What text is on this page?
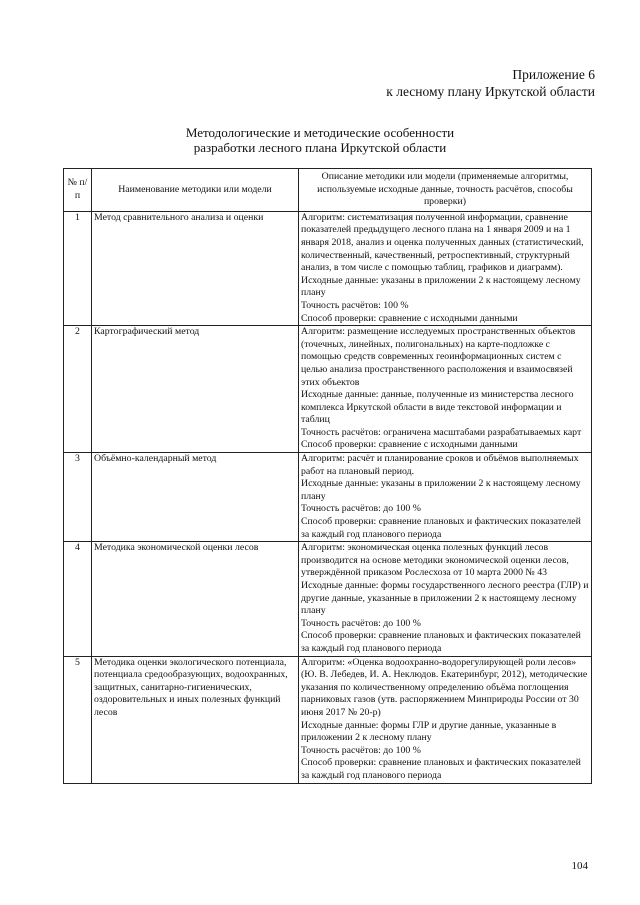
Приложение 6
к лесному плану Иркутской области
Методологические и методические особенности
разработки лесного плана Иркутской области
№ п/
п	Наименование методики или модели	Описание методики или модели (применяемые алгоритмы, используемые исходные данные, точность расчётов, способы проверки)
1	Метод сравнительного анализа и оценки	Алгоритм: систематизация полученной информации, сравнение показателей предыдущего лесного плана на 1 января 2009 и на 1 января 2018, анализ и оценка полученных данных (статистический, количественный, качественный, ретроспективный, структурный анализ, в том числе с помощью таблиц, графиков и диаграмм).
Исходные данные: указаны в приложении 2 к настоящему лесному плану
Точность расчётов: 100 %
Способ проверки: сравнение с исходными данными

2	Картографический метод	Алгоритм: размещение исследуемых пространственных объектов (точечных, линейных, полигональных) на карте-подложке с помощью средств современных геоинформационных систем с целью анализа пространственного расположения и взаимосвязей этих объектов
Исходные данные: данные, полученные из министерства лесного комплекса Иркутской области в виде текстовой информации и таблиц
Точность расчётов: ограничена масштабами разрабатываемых карт
Способ проверки: сравнение с исходными данными

3	Объёмно-календарный метод	Алгоритм: расчёт и планирование сроков и объёмов выполняемых работ на плановый период.
Исходные данные: указаны в приложении 2 к настоящему лесному плану
Точность расчётов: до 100 %
Способ проверки: сравнение плановых и фактических показателей за каждый год планового периода

4	Методика экономической оценки лесов	Алгоритм: экономическая оценка полезных функций лесов производится на основе методики экономической оценки лесов, утверждённой приказом Рослесхоза от 10 марта 2000 № 43
Исходные данные: формы государственного лесного реестра (ГЛР) и другие данные, указанные в приложении 2 к настоящему лесному плану
Точность расчётов: до 100 %
Способ проверки: сравнение плановых и фактических показателей за каждый год планового периода

5	Методика оценки экологического потенциала, потенциала средообразующих, водоохранных, защитных, санитарно-гигиенических, оздоровительных и иных полезных функций лесов	Алгоритм: «Оценка водоохранно-водорегулирующей роли лесов» (Ю. В. Лебедев, И. А. Неклюдов. Екатеринбург, 2012), методические указания по количественному определению объёма поглощения парниковых газов (утв. распоряжением Минприроды России от 30 июня 2017 № 20-р)
Исходные данные: формы ГЛР и другие данные, указанные в приложении 2 к лесному плану
Точность расчётов: до 100 %
Способ проверки: сравнение плановых и фактических показателей за каждый год планового периода
104
